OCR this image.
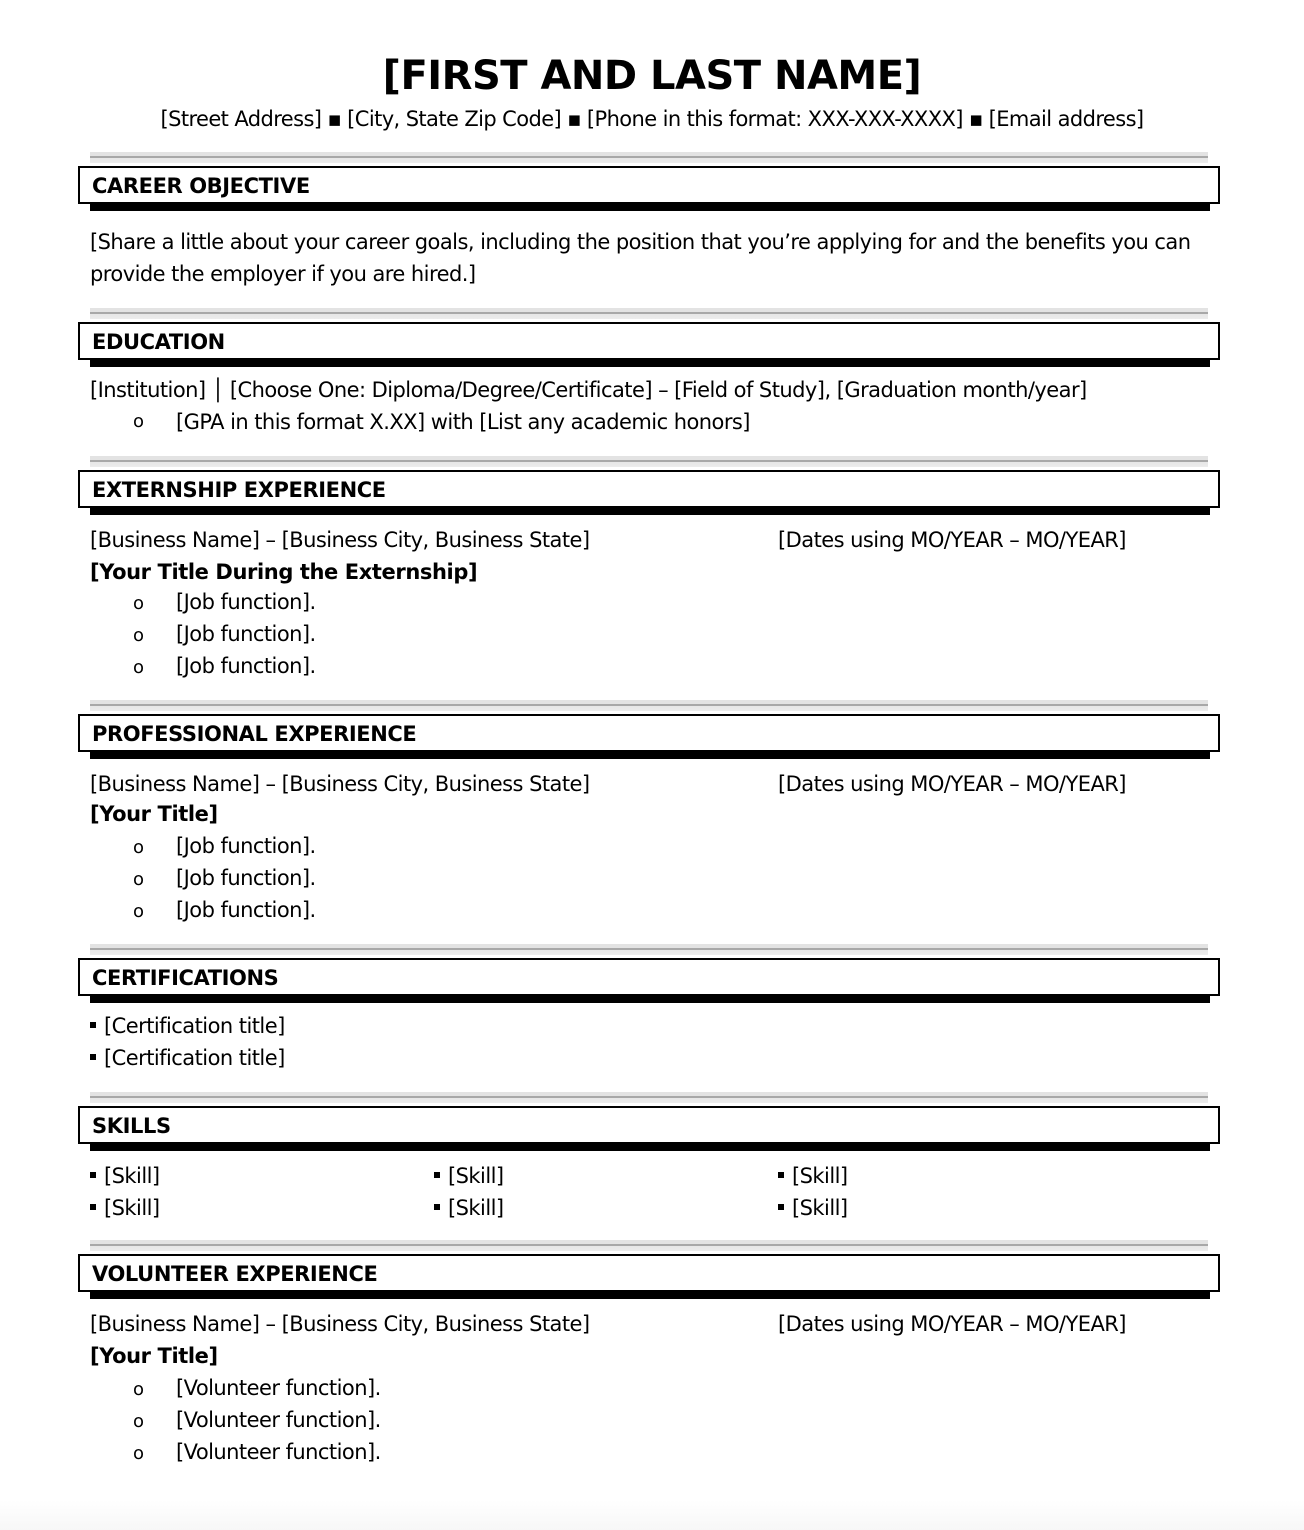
[FIRST AND LAST NAME]
[Street Address] ▪ [City, State Zip Code] ▪ [Phone in this format: XXX-XXX-XXXX] ▪ [Email address]
CAREER OBJECTIVE
[Share a little about your career goals, including the position that you’re applying for and the benefits you can provide the employer if you are hired.]
EDUCATION
[Institution] │ [Choose One: Diploma/Degree/Certificate] – [Field of Study], [Graduation month/year]
o [GPA in this format X.XX] with [List any academic honors]
EXTERNSHIP EXPERIENCE
[Business Name] – [Business City, Business State]	[Dates using MO/YEAR – MO/YEAR]
[Your Title During the Externship]
o [Job function].
o [Job function].
o [Job function].
PROFESSIONAL EXPERIENCE
[Business Name] – [Business City, Business State]	[Dates using MO/YEAR – MO/YEAR]
[Your Title]
o [Job function].
o [Job function].
o [Job function].
CERTIFICATIONS
[Certification title]
[Certification title]
SKILLS
[Skill]	[Skill]	[Skill]
[Skill]	[Skill]	[Skill]
VOLUNTEER EXPERIENCE
[Business Name] – [Business City, Business State]	[Dates using MO/YEAR – MO/YEAR]
[Your Title]
o [Volunteer function].
o [Volunteer function].
o [Volunteer function].
